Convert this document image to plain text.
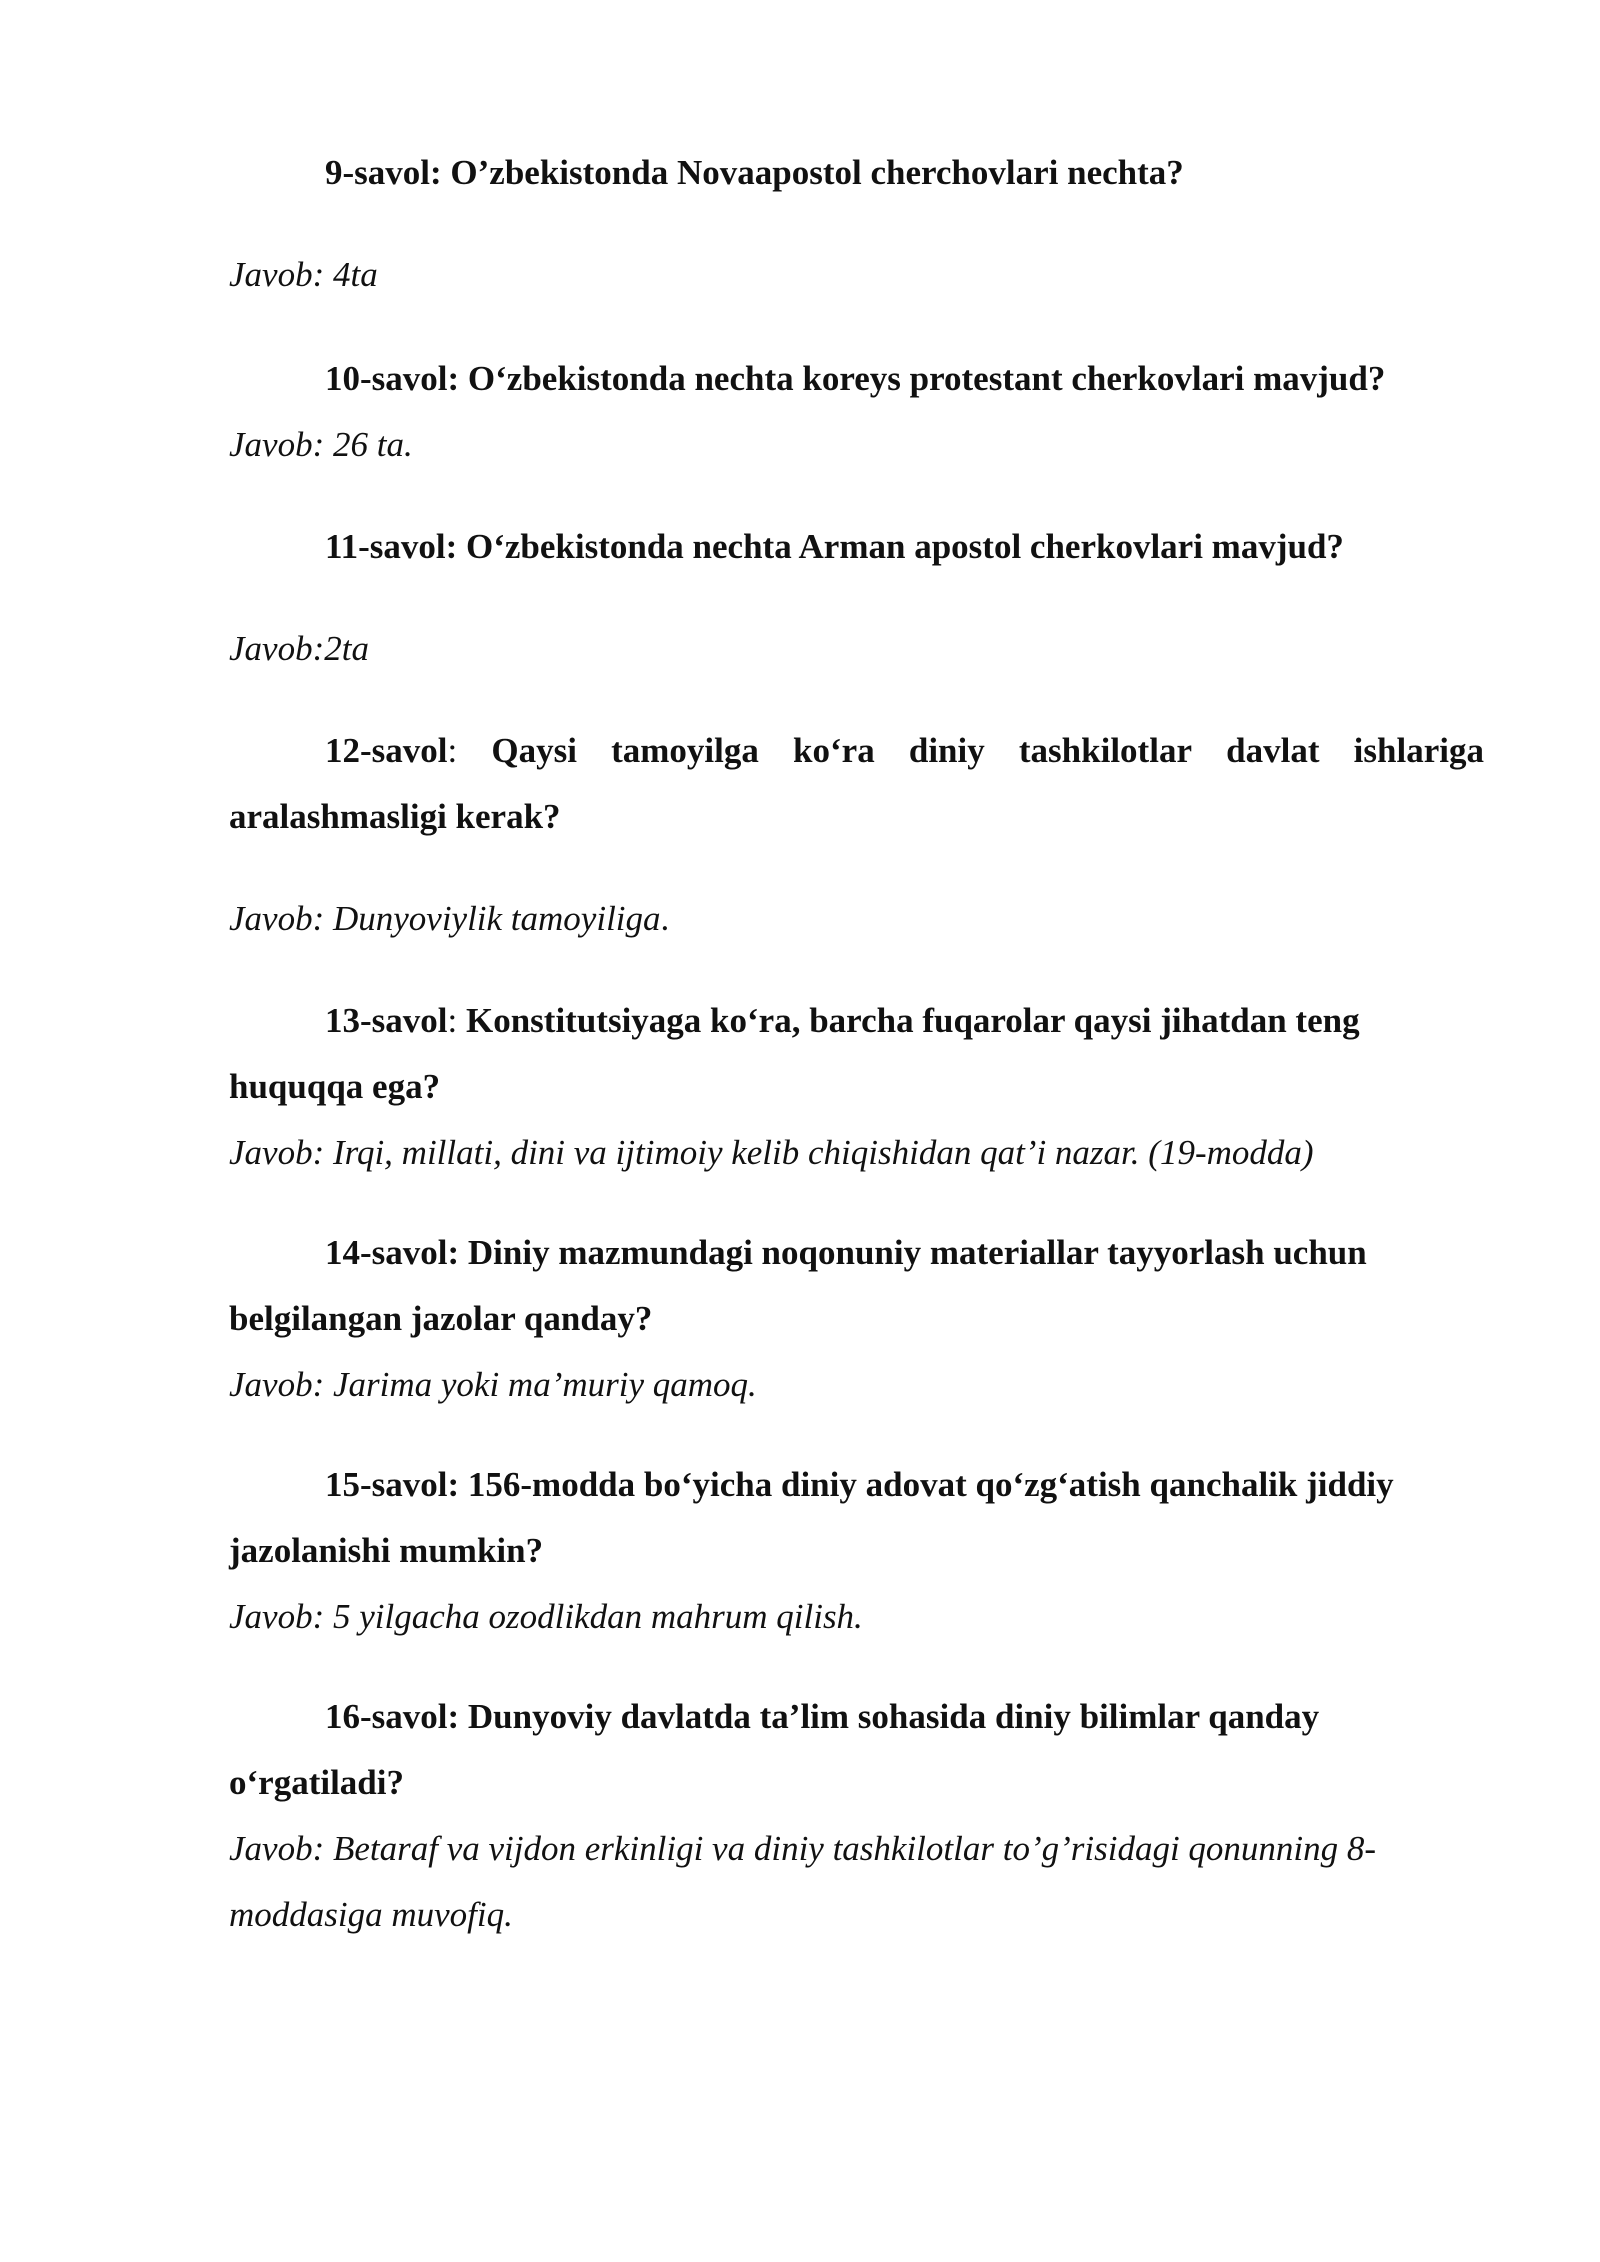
9-savol: O’zbekistonda Novaapostol cherchovlari nechta?
Javob: 4ta
10-savol: O‘zbekistonda nechta koreys protestant cherkovlari mavjud?
Javob: 26 ta.
11-savol: O‘zbekistonda nechta Arman apostol cherkovlari mavjud?
Javob:2ta
12-savol: Qaysi tamoyilga ko‘ra diniy tashkilotlar davlat ishlariga
aralashmasligi kerak?
Javob: Dunyoviylik tamoyiliga.
13-savol: Konstitutsiyaga ko‘ra, barcha fuqarolar qaysi jihatdan teng
huquqqa ega?
Javob: Irqi, millati, dini va ijtimoiy kelib chiqishidan qat’i nazar. (19-modda)
14-savol: Diniy mazmundagi noqonuniy materiallar tayyorlash uchun
belgilangan jazolar qanday?
Javob: Jarima yoki ma’muriy qamoq.
15-savol: 156-modda bo‘yicha diniy adovat qo‘zg‘atish qanchalik jiddiy
jazolanishi mumkin?
Javob: 5 yilgacha ozodlikdan mahrum qilish.
16-savol: Dunyoviy davlatda ta’lim sohasida diniy bilimlar qanday
o‘rgatiladi?
Javob: Betaraf va vijdon erkinligi va diniy tashkilotlar to’g’risidagi qonunning 8-
moddasiga muvofiq.
